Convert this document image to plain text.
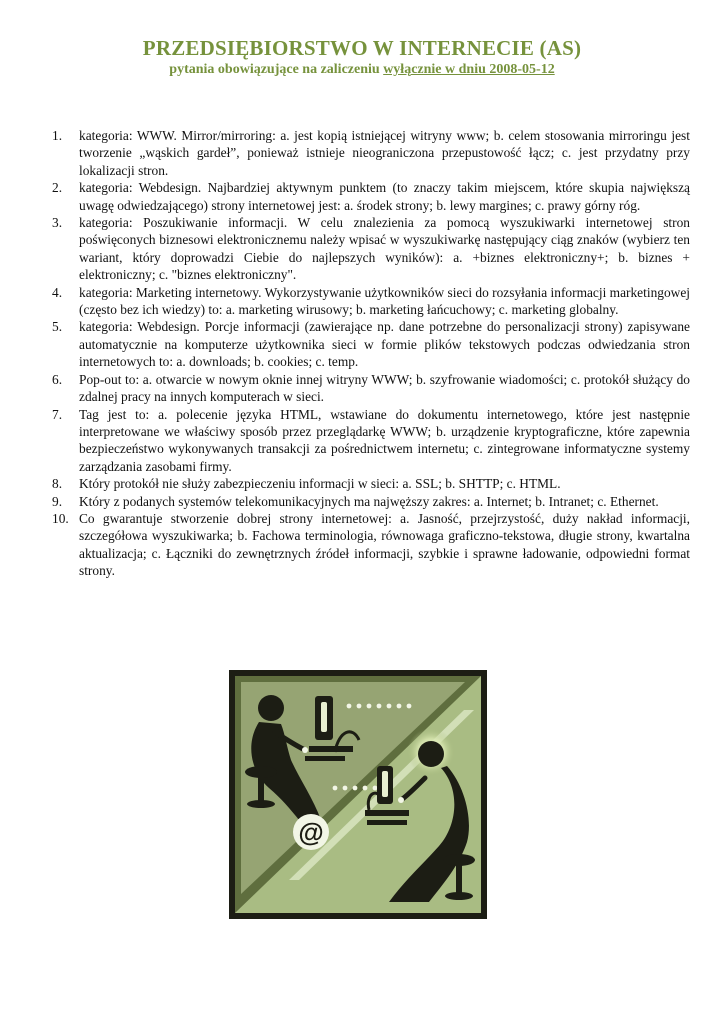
PRZEDSIĘBIORSTWO W INTERNECIE (AS)

pytania obowiązujące na zaliczeniu wyłącznie w dniu 2008-05-12

1.	kategoria: WWW. Mirror/mirroring: a. jest kopią istniejącej witryny www; b. celem stosowania mirroringu jest tworzenie „wąskich gardeł”, ponieważ istnieje nieograniczona przepustowość łącz; c. jest przydatny przy lokalizacji stron.
2.	kategoria: Webdesign. Najbardziej aktywnym punktem (to znaczy takim miejscem, które skupia największą uwagę odwiedzającego) strony internetowej jest: a. środek strony; b. lewy margines; c. prawy górny róg.
3.	kategoria: Poszukiwanie informacji. W celu znalezienia za pomocą wyszukiwarki internetowej stron poświęconych biznesowi elektronicznemu należy wpisać w wyszukiwarkę następujący ciąg znaków (wybierz ten wariant, który doprowadzi Ciebie do najlepszych wyników): a. +biznes elektroniczny+; b. biznes + elektroniczny; c. "biznes elektroniczny".
4.	kategoria: Marketing internetowy. Wykorzystywanie użytkowników sieci do rozsyłania informacji marketingowej (często bez ich wiedzy) to: a. marketing wirusowy; b. marketing łańcuchowy; c. marketing globalny.
5.	kategoria: Webdesign. Porcje informacji (zawierające np. dane potrzebne do personalizacji strony) zapisywane automatycznie na komputerze użytkownika sieci w formie plików tekstowych podczas odwiedzania stron internetowych to: a. downloads; b. cookies; c. temp.
6.	Pop-out to: a. otwarcie w nowym oknie innej witryny WWW; b. szyfrowanie wiadomości; c. protokół służący do zdalnej pracy na innych komputerach w sieci.
7.	Tag jest to: a. polecenie języka HTML, wstawiane do dokumentu internetowego, które jest następnie interpretowane we właściwy sposób przez przeglądarkę WWW; b. urządzenie kryptograficzne, które zapewnia bezpieczeństwo wykonywanych transakcji za pośrednictwem internetu; c. zintegrowane informatyczne systemy zarządzania zasobami firmy.
8.	Który protokół nie służy zabezpieczeniu informacji w sieci: a. SSL; b. SHTTP; c. HTML.
9.	Który z podanych systemów telekomunikacyjnych ma najwęższy zakres: a. Internet; b. Intranet; c. Ethernet.
10. Co gwarantuje stworzenie dobrej strony internetowej: a. Jasność, przejrzystość, duży nakład informacji, szczegółowa wyszukiwarka; b. Fachowa terminologia, równowaga graficzno-tekstowa, długie strony, kwartalna aktualizacja; c. Łączniki do zewnętrznych źródeł informacji, szybkie i sprawne ładowanie, odpowiedni format strony.
@
